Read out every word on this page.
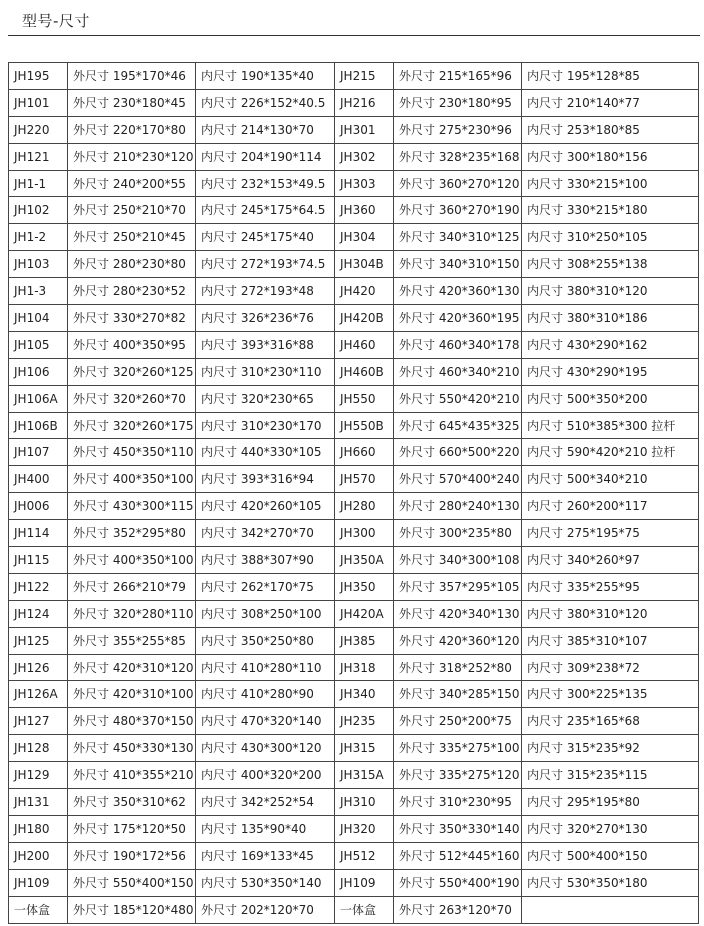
型号-尺寸
JH195	外尺寸 195*170*46	内尺寸 190*135*40	JH215	外尺寸 215*165*96	内尺寸 195*128*85
JH101	外尺寸 230*180*45	内尺寸 226*152*40.5	JH216	外尺寸 230*180*95	内尺寸 210*140*77
JH220	外尺寸 220*170*80	内尺寸 214*130*70	JH301	外尺寸 275*230*96	内尺寸 253*180*85
JH121	外尺寸 210*230*120	内尺寸 204*190*114	JH302	外尺寸 328*235*168	内尺寸 300*180*156
JH1-1	外尺寸 240*200*55	内尺寸 232*153*49.5	JH303	外尺寸 360*270*120	内尺寸 330*215*100
JH102	外尺寸 250*210*70	内尺寸 245*175*64.5	JH360	外尺寸 360*270*190	内尺寸 330*215*180
JH1-2	外尺寸 250*210*45	内尺寸 245*175*40	JH304	外尺寸 340*310*125	内尺寸 310*250*105
JH103	外尺寸 280*230*80	内尺寸 272*193*74.5	JH304B	外尺寸 340*310*150	内尺寸 308*255*138
JH1-3	外尺寸 280*230*52	内尺寸 272*193*48	JH420	外尺寸 420*360*130	内尺寸 380*310*120
JH104	外尺寸 330*270*82	内尺寸 326*236*76	JH420B	外尺寸 420*360*195	内尺寸 380*310*186
JH105	外尺寸 400*350*95	内尺寸 393*316*88	JH460	外尺寸 460*340*178	内尺寸 430*290*162
JH106	外尺寸 320*260*125	内尺寸 310*230*110	JH460B	外尺寸 460*340*210	内尺寸 430*290*195
JH106A	外尺寸 320*260*70	内尺寸 320*230*65	JH550	外尺寸 550*420*210	内尺寸 500*350*200
JH106B	外尺寸 320*260*175	内尺寸 310*230*170	JH550B	外尺寸 645*435*325	内尺寸 510*385*300 拉杆
JH107	外尺寸 450*350*110	内尺寸 440*330*105	JH660	外尺寸 660*500*220	内尺寸 590*420*210 拉杆
JH400	外尺寸 400*350*100	内尺寸 393*316*94	JH570	外尺寸 570*400*240	内尺寸 500*340*210
JH006	外尺寸 430*300*115	内尺寸 420*260*105	JH280	外尺寸 280*240*130	内尺寸 260*200*117
JH114	外尺寸 352*295*80	内尺寸 342*270*70	JH300	外尺寸 300*235*80	内尺寸 275*195*75
JH115	外尺寸 400*350*100	内尺寸 388*307*90	JH350A	外尺寸 340*300*108	内尺寸 340*260*97
JH122	外尺寸 266*210*79	内尺寸 262*170*75	JH350	外尺寸 357*295*105	内尺寸 335*255*95
JH124	外尺寸 320*280*110	内尺寸 308*250*100	JH420A	外尺寸 420*340*130	内尺寸 380*310*120
JH125	外尺寸 355*255*85	内尺寸 350*250*80	JH385	外尺寸 420*360*120	内尺寸 385*310*107
JH126	外尺寸 420*310*120	内尺寸 410*280*110	JH318	外尺寸 318*252*80	内尺寸 309*238*72
JH126A	外尺寸 420*310*100	内尺寸 410*280*90	JH340	外尺寸 340*285*150	内尺寸 300*225*135
JH127	外尺寸 480*370*150	内尺寸 470*320*140	JH235	外尺寸 250*200*75	内尺寸 235*165*68
JH128	外尺寸 450*330*130	内尺寸 430*300*120	JH315	外尺寸 335*275*100	内尺寸 315*235*92
JH129	外尺寸 410*355*210	内尺寸 400*320*200	JH315A	外尺寸 335*275*120	内尺寸 315*235*115
JH131	外尺寸 350*310*62	内尺寸 342*252*54	JH310	外尺寸 310*230*95	内尺寸 295*195*80
JH180	外尺寸 175*120*50	内尺寸 135*90*40	JH320	外尺寸 350*330*140	内尺寸 320*270*130
JH200	外尺寸 190*172*56	内尺寸 169*133*45	JH512	外尺寸 512*445*160	内尺寸 500*400*150
JH109	外尺寸 550*400*150	内尺寸 530*350*140	JH109	外尺寸 550*400*190	内尺寸 530*350*180
一体盒	外尺寸 185*120*480	外尺寸 202*120*70	一体盒	外尺寸 263*120*70	
